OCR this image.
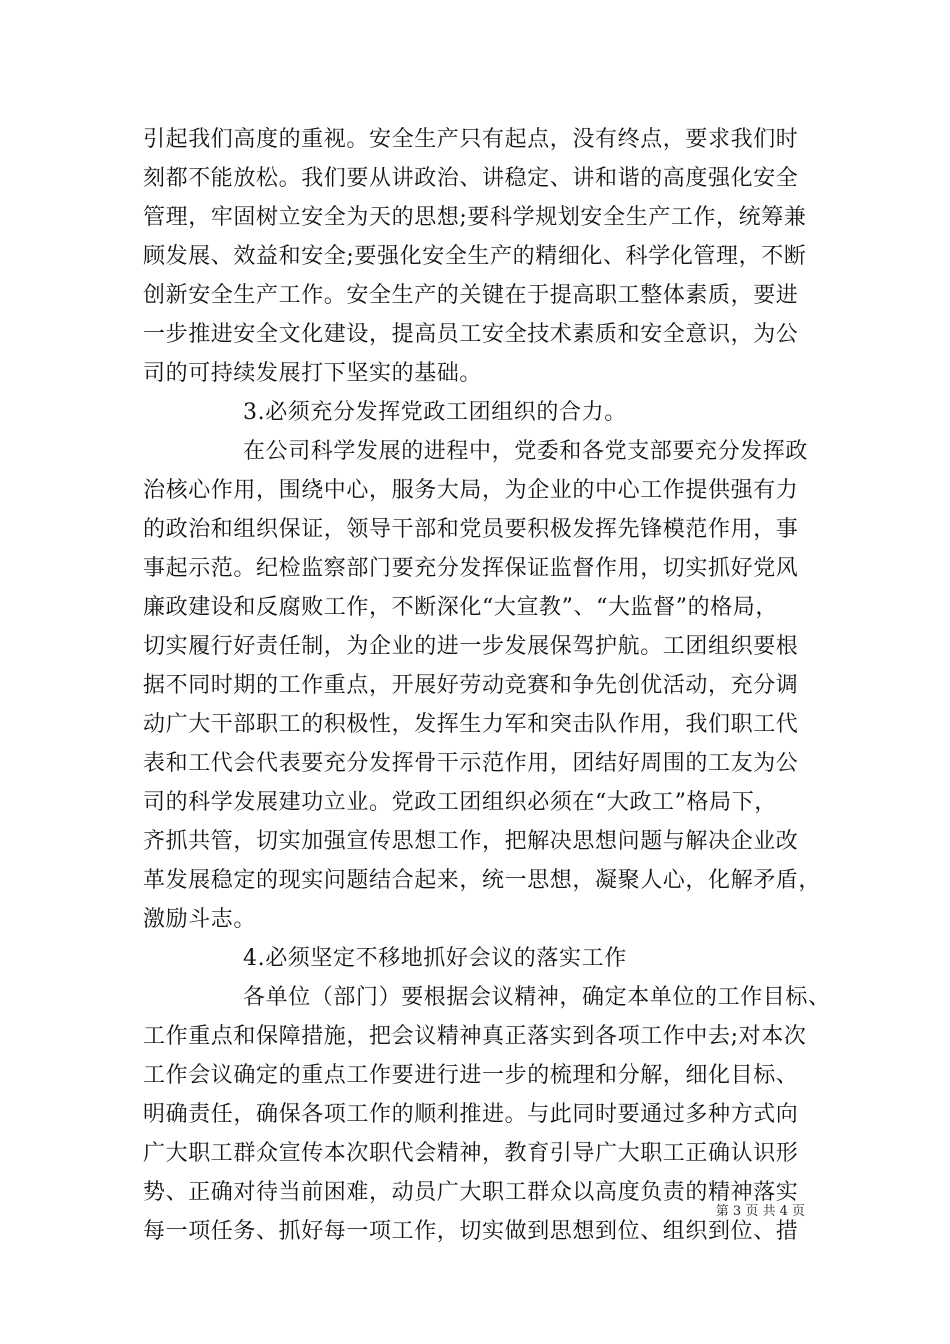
引起我们高度的重视。安全生产只有起点，没有终点，要求我们时
刻都不能放松。我们要从讲政治、讲稳定、讲和谐的高度强化安全
管理，牢固树立安全为天的思想;要科学规划安全生产工作，统筹兼
顾发展、效益和安全;要强化安全生产的精细化、科学化管理，不断
创新安全生产工作。安全生产的关键在于提高职工整体素质，要进
一步推进安全文化建设，提高员工安全技术素质和安全意识，为公
司的可持续发展打下坚实的基础。
3.必须充分发挥党政工团组织的合力。
在公司科学发展的进程中，党委和各党支部要充分发挥政
治核心作用，围绕中心，服务大局，为企业的中心工作提供强有力
的政治和组织保证，领导干部和党员要积极发挥先锋模范作用，事
事起示范。纪检监察部门要充分发挥保证监督作用，切实抓好党风
廉政建设和反腐败工作，不断深化“大宣教”、“大监督”的格局，
切实履行好责任制，为企业的进一步发展保驾护航。工团组织要根
据不同时期的工作重点，开展好劳动竞赛和争先创优活动，充分调
动广大干部职工的积极性，发挥生力军和突击队作用，我们职工代
表和工代会代表要充分发挥骨干示范作用，团结好周围的工友为公
司的科学发展建功立业。党政工团组织必须在“大政工”格局下，
齐抓共管，切实加强宣传思想工作，把解决思想问题与解决企业改
革发展稳定的现实问题结合起来，统一思想，凝聚人心，化解矛盾，
激励斗志。
4.必须坚定不移地抓好会议的落实工作
各单位（部门）要根据会议精神，确定本单位的工作目标、
工作重点和保障措施，把会议精神真正落实到各项工作中去;对本次
工作会议确定的重点工作要进行进一步的梳理和分解，细化目标、
明确责任，确保各项工作的顺利推进。与此同时要通过多种方式向
广大职工群众宣传本次职代会精神，教育引导广大职工正确认识形
势、正确对待当前困难，动员广大职工群众以高度负责的精神落实
每一项任务、抓好每一项工作，切实做到思想到位、组织到位、措
第 3 页 共 4 页
